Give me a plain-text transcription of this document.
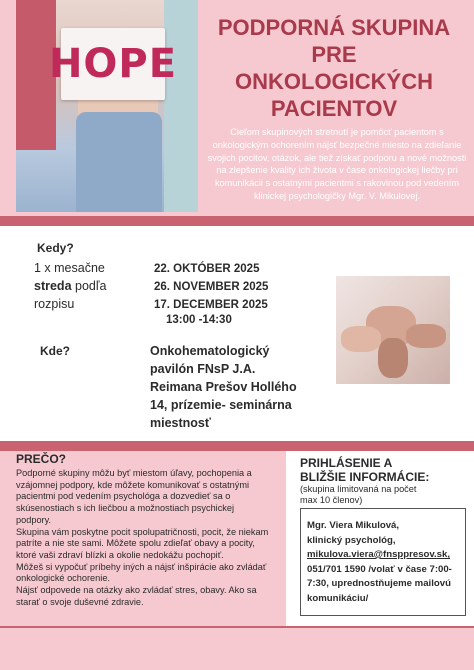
HOPE
PODPORNÁ SKUPINA
PRE
ONKOLOGICKÝCH
PACIENTOV
Cieľom skupinových stretnutí je pomôcť pacientom s onkologickým ochorením nájsť bezpečné miesto na zdieľanie svojich pocitov, otázok, ale tiež získať podporu a nové možnosti na zlepšenie kvality ich života v čase onkologickej liečby pri komunikácii s ostatnými pacientmi s rakovinou pod vedením klinickej psychologičky Mgr. V. Mikulovej.
Kedy?
1 x mesačne
streda podľa
rozpisu
22. OKTÓBER 2025
26. NOVEMBER 2025
17. DECEMBER 2025
13:00 -14:30
Kde?	Onkohematologický
pavilón FNsP J.A.
Reimana Prešov Hollého
14, prízemie- seminárna
miestnosť
PREČO?
Podporné skupiny môžu byť miestom úľavy, pochopenia a
vzájomnej podpory, kde môžete komunikovať s ostatnými
pacientmi pod vedením psychológa a dozvedieť sa o
skúsenostiach s ich liečbou a možnostiach psychickej
podpory.
Skupina vám poskytne pocit spolupatričnosti, pocit, že niekam
patríte a nie ste sami. Môžete spolu zdieľať obavy a pocity,
ktoré vaši zdraví blízki a okolie nedokážu pochopiť.
Môžeš si vypočuť príbehy iných a nájsť inšpirácie ako zvládať
onkologické ochorenie.
Nájsť odpovede na otázky ako zvládať stres, obavy. Ako sa
starať o svoje duševné zdravie.
PRIHLÁSENIE A
BLIŽŠIE INFORMÁCIE:
(skupina limitovaná na počet
max 10 členov)
Mgr. Viera Mikulová,
klinický psychológ,
mikulova.viera@fnsppresov.sk,
051/701 1590 /volať v čase 7:00-
7:30, uprednostňujeme mailovú
komunikáciu/
